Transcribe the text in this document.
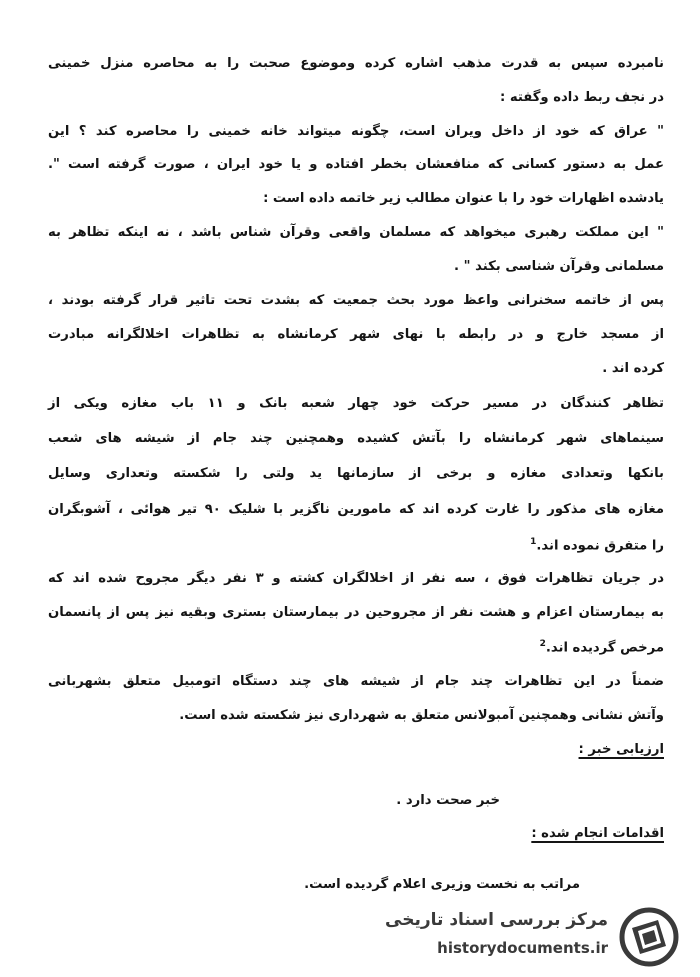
نامبرده سپس به قدرت مذهب اشاره کرده وموضوع صحبت را به محاصره منزل خمینی
در نجف ربط داده وگفته :
" عراق که خود از داخل ویران است، چگونه میتواند خانه خمینی را محاصره کند ؟ این
عمل به دستور کسانی که منافعشان بخطر افتاده و یا خود ایران ، صورت گرفته است ".
یادشده اظهارات خود را با عنوان مطالب زیر خاتمه داده است :
" این مملکت رهبری میخواهد که مسلمان واقعی وقرآن شناس باشد ، نه اینکه تظاهر به
مسلمانی وقرآن شناسی بکند " .
پس از خاتمه سخنرانی واعظ مورد بحث جمعیت که بشدت تحت تاثیر قرار گرفته بودند ،
از مسجد خارج و در رابطه با نهای شهر کرمانشاه به تظاهرات اخلالگرانه مبادرت
کرده اند .
تظاهر کنندگان در مسیر حرکت خود چهار شعبه بانک و ۱۱ باب مغازه ویکی از
سینماهای شهر کرمانشاه را بآتش کشیده وهمچنین چند جام از شیشه های شعب
بانکها وتعدادی مغازه و برخی از سازمانها ید ولتی را شکسته وتعداری وسایل
مغازه های مذکور را غارت کرده اند که مامورین ناگزیر با شلیک ۹۰ تیر هوائی ، آشوبگران
را متفرق نموده اند.$^1$
در جریان تظاهرات فوق ، سه نفر از اخلالگران کشته و ۳ نفر دیگر مجروح شده اند که
به بیمارستان اعزام و هشت نفر از مجروحین در بیمارستان بستری وبقیه نیز پس از پانسمان
مرخص گردیده اند.$^2$
ضمناً در این تظاهرات چند جام از شیشه های چند دستگاه اتومبیل متعلق بشهربانی
وآتش نشانی وهمچنین آمبولانس متعلق به شهرداری نیز شکسته شده است.
ارزیابی خبر :
خبر صحت دارد .
اقدامات انجام شده :
مراتب به نخست وزیری اعلام گردیده است.
مرکز بررسی اسناد تاریخی
historydocuments.ir
